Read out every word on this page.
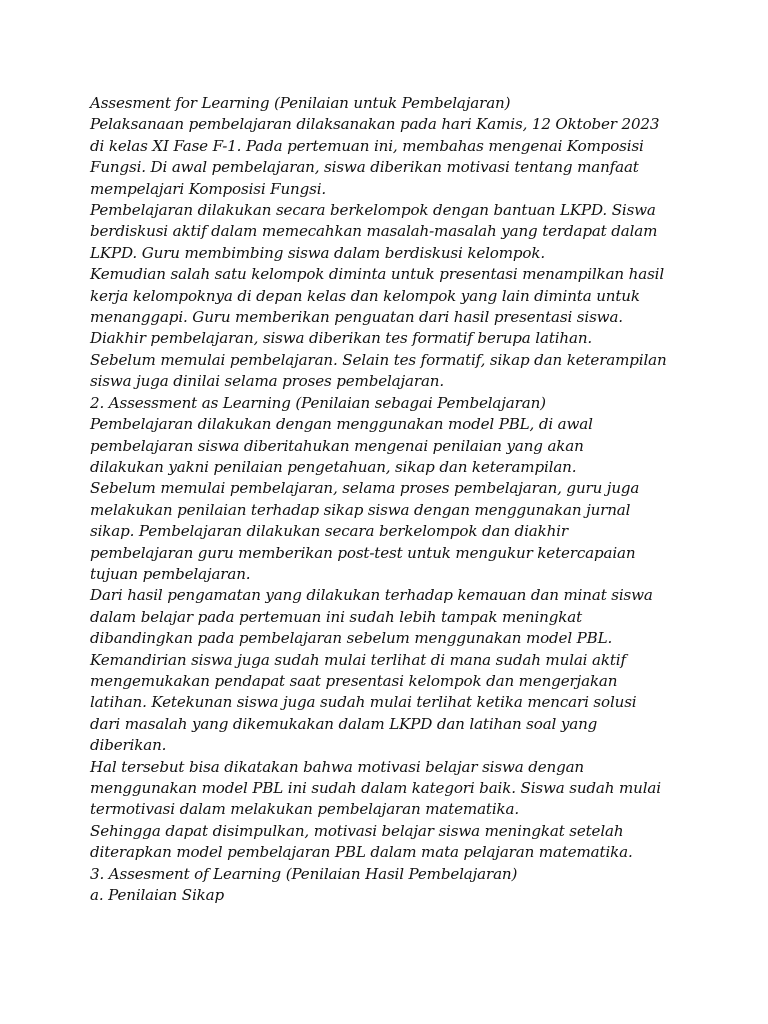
Assesment for Learning (Penilaian untuk Pembelajaran)
Pelaksanaan pembelajaran dilaksanakan pada hari Kamis, 12 Oktober 2023
di kelas XI Fase F-1. Pada pertemuan ini, membahas mengenai Komposisi
Fungsi. Di awal pembelajaran, siswa diberikan motivasi tentang manfaat
mempelajari Komposisi Fungsi.
Pembelajaran dilakukan secara berkelompok dengan bantuan LKPD. Siswa
berdiskusi aktif dalam memecahkan masalah-masalah yang terdapat dalam
LKPD. Guru membimbing siswa dalam berdiskusi kelompok.
Kemudian salah satu kelompok diminta untuk presentasi menampilkan hasil
kerja kelompoknya di depan kelas dan kelompok yang lain diminta untuk
menanggapi. Guru memberikan penguatan dari hasil presentasi siswa.
Diakhir pembelajaran, siswa diberikan tes formatif berupa latihan.
Sebelum memulai pembelajaran. Selain tes formatif, sikap dan keterampilan
siswa juga dinilai selama proses pembelajaran.
2. Assessment as Learning (Penilaian sebagai Pembelajaran)
Pembelajaran dilakukan dengan menggunakan model PBL, di awal
pembelajaran siswa diberitahukan mengenai penilaian yang akan
dilakukan yakni penilaian pengetahuan, sikap dan keterampilan.
Sebelum memulai pembelajaran, selama proses pembelajaran, guru juga
melakukan penilaian terhadap sikap siswa dengan menggunakan jurnal
sikap. Pembelajaran dilakukan secara berkelompok dan diakhir
pembelajaran guru memberikan post-test untuk mengukur ketercapaian
tujuan pembelajaran.
Dari hasil pengamatan yang dilakukan terhadap kemauan dan minat siswa
dalam belajar pada pertemuan ini sudah lebih tampak meningkat
dibandingkan pada pembelajaran sebelum menggunakan model PBL.
Kemandirian siswa juga sudah mulai terlihat di mana sudah mulai aktif
mengemukakan pendapat saat presentasi kelompok dan mengerjakan
latihan. Ketekunan siswa juga sudah mulai terlihat ketika mencari solusi
dari masalah yang dikemukakan dalam LKPD dan latihan soal yang
diberikan.
Hal tersebut bisa dikatakan bahwa motivasi belajar siswa dengan
menggunakan model PBL ini sudah dalam kategori baik. Siswa sudah mulai
termotivasi dalam melakukan pembelajaran matematika.
Sehingga dapat disimpulkan, motivasi belajar siswa meningkat setelah
diterapkan model pembelajaran PBL dalam mata pelajaran matematika.
3. Assesment of Learning (Penilaian Hasil Pembelajaran)
a. Penilaian Sikap
